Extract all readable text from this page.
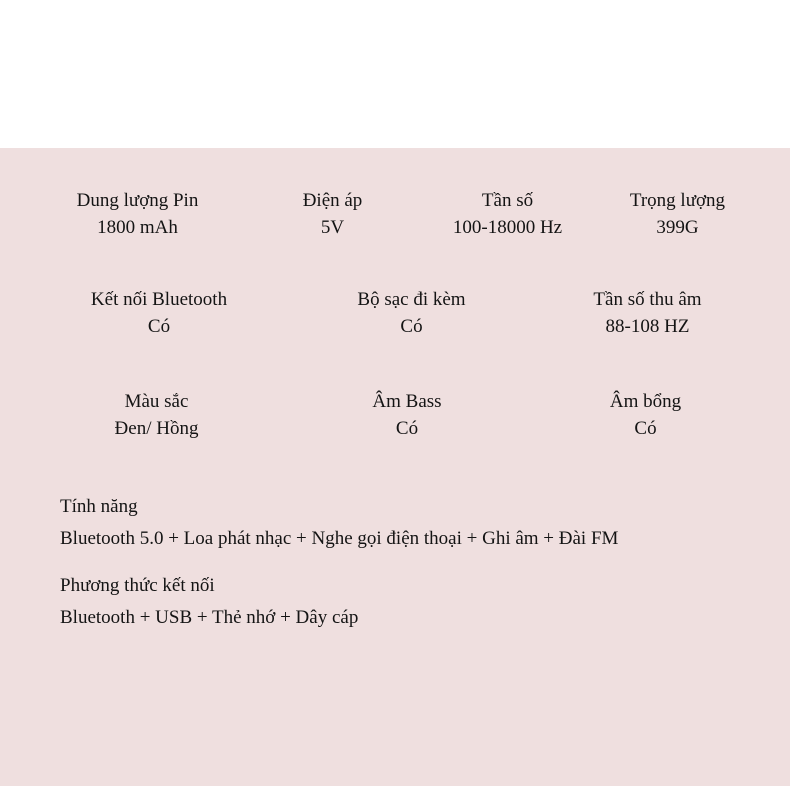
Dung lượng Pin
1800 mAh
Điện áp
5V
Tần số
100-18000 Hz
Trọng lượng
399G
Kết nối Bluetooth
Có
Bộ sạc đi kèm
Có
Tần số thu âm
88-108 HZ
Màu sắc
Đen/ Hồng
Âm Bass
Có
Âm bổng
Có
Tính năng
Bluetooth 5.0 + Loa phát nhạc + Nghe gọi điện thoại + Ghi âm + Đài FM
Phương thức kết nối
Bluetooth + USB + Thẻ nhớ + Dây cáp
